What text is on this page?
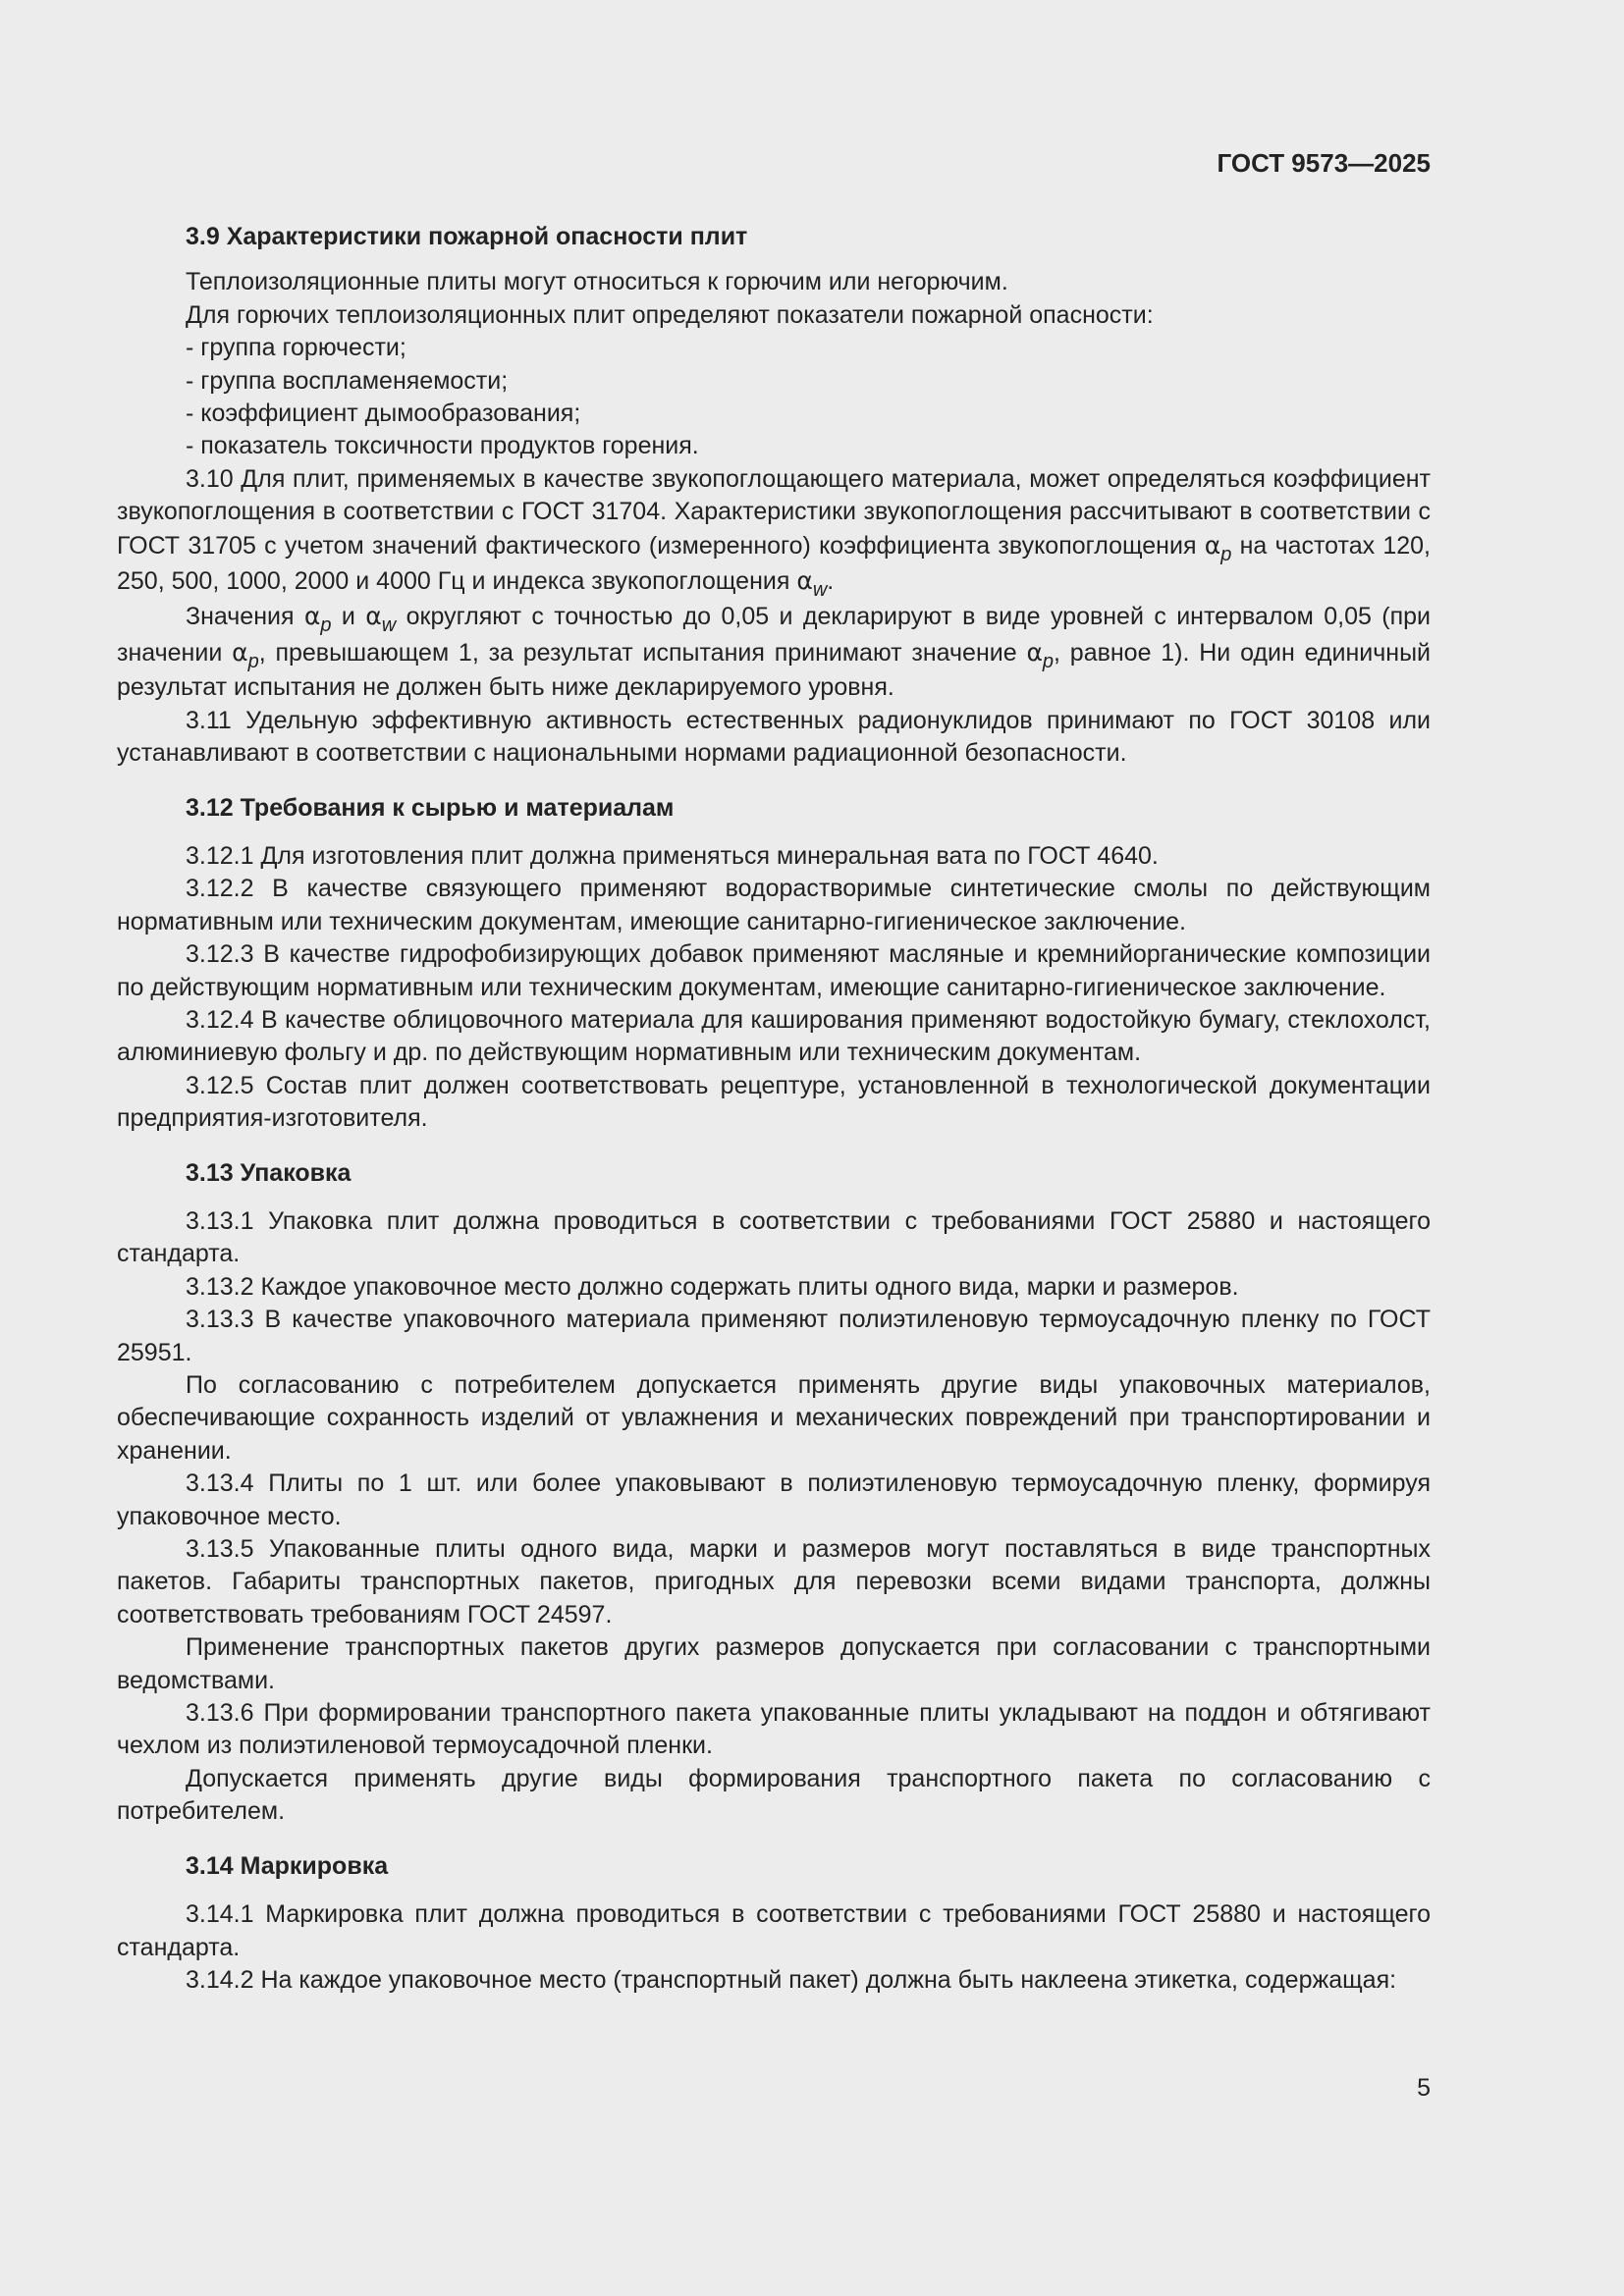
ГОСТ 9573—2025
3.9 Характеристики пожарной опасности плит

Теплоизоляционные плиты могут относиться к горючим или негорючим.

Для горючих теплоизоляционных плит определяют показатели пожарной опасности:

- группа горючести;

- группа воспламеняемости;

- коэффициент дымообразования;

- показатель токсичности продуктов горения.

3.10 Для плит, применяемых в качестве звукопоглощающего материала, может определяться коэффициент звукопоглощения в соответствии с ГОСТ 31704. Характеристики звукопоглощения рассчитывают в соответствии с ГОСТ 31705 с учетом значений фактического (измеренного) коэффициента звукопоглощения $\alpha_p$ на частотах 120, 250, 500, 1000, 2000 и 4000 Гц и индекса звукопоглощения $\alpha_w$.

Значения $\alpha_p$ и $\alpha_w$ округляют с точностью до 0,05 и декларируют в виде уровней с интервалом 0,05 (при значении $\alpha_p$, превышающем 1, за результат испытания принимают значение $\alpha_p$, равное 1). Ни один единичный результат испытания не должен быть ниже декларируемого уровня.

3.11 Удельную эффективную активность естественных радионуклидов принимают по ГОСТ 30108 или устанавливают в соответствии с национальными нормами радиационной безопасности.

3.12 Требования к сырью и материалам

3.12.1 Для изготовления плит должна применяться минеральная вата по ГОСТ 4640.

3.12.2 В качестве связующего применяют водорастворимые синтетические смолы по действующим нормативным или техническим документам, имеющие санитарно-гигиеническое заключение.

3.12.3 В качестве гидрофобизирующих добавок применяют масляные и кремнийорганические композиции по действующим нормативным или техническим документам, имеющие санитарно-гигиеническое заключение.

3.12.4 В качестве облицовочного материала для каширования применяют водостойкую бумагу, стеклохолст, алюминиевую фольгу и др. по действующим нормативным или техническим документам.

3.12.5 Состав плит должен соответствовать рецептуре, установленной в технологической документации предприятия-изготовителя.

3.13 Упаковка

3.13.1 Упаковка плит должна проводиться в соответствии с требованиями ГОСТ 25880 и настоящего стандарта.

3.13.2 Каждое упаковочное место должно содержать плиты одного вида, марки и размеров.

3.13.3 В качестве упаковочного материала применяют полиэтиленовую термоусадочную пленку по ГОСТ 25951.

По согласованию с потребителем допускается применять другие виды упаковочных материалов, обеспечивающие сохранность изделий от увлажнения и механических повреждений при транспортировании и хранении.

3.13.4 Плиты по 1 шт. или более упаковывают в полиэтиленовую термоусадочную пленку, формируя упаковочное место.

3.13.5 Упакованные плиты одного вида, марки и размеров могут поставляться в виде транспортных пакетов. Габариты транспортных пакетов, пригодных для перевозки всеми видами транспорта, должны соответствовать требованиям ГОСТ 24597.

Применение транспортных пакетов других размеров допускается при согласовании с транспортными ведомствами.

3.13.6 При формировании транспортного пакета упакованные плиты укладывают на поддон и обтягивают чехлом из полиэтиленовой термоусадочной пленки.

Допускается применять другие виды формирования транспортного пакета по согласованию с потребителем.

3.14 Маркировка

3.14.1 Маркировка плит должна проводиться в соответствии с требованиями ГОСТ 25880 и настоящего стандарта.

3.14.2 На каждое упаковочное место (транспортный пакет) должна быть наклеена этикетка, содержащая:

5
